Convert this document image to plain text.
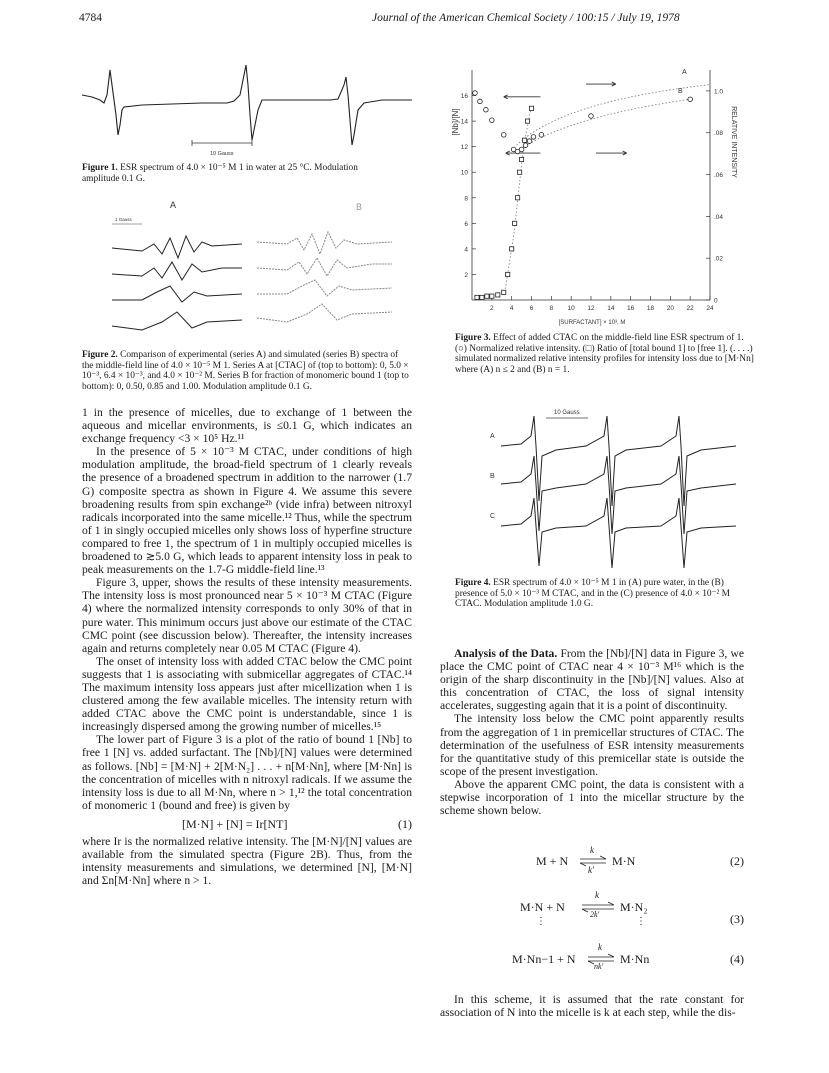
4784	Journal of the American Chemical Society / 100:15 / July 19, 1978
10 Gauss

Figure 1. ESR spectrum of 4.0 × 10⁻⁵ M 1 in water at 25 °C. Modulation amplitude 0.1 G.

A	B
1 Gauss

Figure 2. Comparison of experimental (series A) and simulated (series B) spectra of the middle-field line of 4.0 × 10⁻⁵ M 1. Series A at [CTAC] of (top to bottom): 0, 5.0 × 10⁻³, 6.4 × 10⁻³, and 4.0 × 10⁻² M. Series B for fraction of monomeric bound 1 (top to bottom): 0, 0.50, 0.85 and 1.00. Modulation amplitude 0.1 G.

2 4 6 8 10 12 14 16 18 20 22 24
2
4
6
8
10
12
14
16
0
.02
.04
.06
.08
1.0
[Nb]/[N]	RELATIVE INTENSITY
[SURFACTANT] × 10³, M
A
B

Figure 3. Effect of added CTAC on the middle-field line ESR spectrum of 1. (○) Normalized relative intensity. (□) Ratio of [total bound 1] to [free 1]. (. . . .) simulated normalized relative intensity profiles for intensity loss due to [M·Nn] where (A) n ≤ 2 and (B) n = 1.

10 Gauss
A
B
C

Figure 4. ESR spectrum of 4.0 × 10⁻⁵ M 1 in (A) pure water, in the (B) presence of 5.0 × 10⁻³ M CTAC, and in the (C) presence of 4.0 × 10⁻² M CTAC. Modulation amplitude 1.0 G.

1 in the presence of micelles, due to exchange of 1 between the aqueous and micellar environments, is ≤0.1 G, which indicates an exchange frequency <3 × 10⁵ Hz.¹¹

In the presence of 5 × 10⁻³ M CTAC, under conditions of high modulation amplitude, the broad-field spectrum of 1 clearly reveals the presence of a broadened spectrum in addition to the narrower (1.7 G) composite spectra as shown in Figure 4. We assume this severe broadening results from spin exchange²ᵇ (vide infra) between nitroxyl radicals incorporated into the same micelle.¹² Thus, while the spectrum of 1 in singly occupied micelles only shows loss of hyperfine structure compared to free 1, the spectrum of 1 in multiply occupied micelles is broadened to ≳5.0 G, which leads to apparent intensity loss in peak to peak measurements on the 1.7-G middle-field line.¹³

Figure 3, upper, shows the results of these intensity measurements. The intensity loss is most pronounced near 5 × 10⁻³ M CTAC (Figure 4) where the normalized intensity corresponds to only 30% of that in pure water. This minimum occurs just above our estimate of the CTAC CMC point (see discussion below). Thereafter, the intensity increases again and returns completely near 0.05 M CTAC (Figure 4).

The onset of intensity loss with added CTAC below the CMC point suggests that 1 is associating with submicellar aggregates of CTAC.¹⁴ The maximum intensity loss appears just after micellization when 1 is clustered among the few available micelles. The intensity return with added CTAC above the CMC point is understandable, since 1 is increasingly dispersed among the growing number of micelles.¹⁵

The lower part of Figure 3 is a plot of the ratio of bound 1 [Nb] to free 1 [N] vs. added surfactant. The [Nb]/[N] values were determined as follows. [Nb] = [M·N] + 2[M·N₂] . . . + n[M·Nn], where [M·Nn] is the concentration of micelles with n nitroxyl radicals. If we assume the intensity loss is due to all M·Nn, where n > 1,¹² the total concentration of monomeric 1 (bound and free) is given by

[M·N] + [N] = Ir[NT]	(1)

where Ir is the normalized relative intensity. The [M·N]/[N] values are available from the simulated spectra (Figure 2B). Thus, from the intensity measurements and simulations, we determined [N], [M·N] and Σn[M·Nn] where n > 1.

Analysis of the Data. From the [Nb]/[N] data in Figure 3, we place the CMC point of CTAC near 4 × 10⁻³ M¹⁶ which is the origin of the sharp discontinuity in the [Nb]/[N] values. Also at this concentration of CTAC, the loss of signal intensity accelerates, suggesting again that it is a point of discontinuity.

The intensity loss below the CMC point apparently results from the aggregation of 1 in premicellar structures of CTAC. The determination of the usefulness of ESR intensity measurements for the quantitative study of this premicellar state is outside the scope of the present investigation.

Above the apparent CMC point, the data is consistent with a stepwise incorporation of 1 into the micellar structure by the scheme shown below.

M + N
k
k′
M·N	(2)
M·N + N
k
2k′
M·N₂
(3)
⋮	⋮
M·Nn−1 + N
k
nk′
M·Nn	(4)

In this scheme, it is assumed that the rate constant for association of N into the micelle is k at each step, while the dis-
